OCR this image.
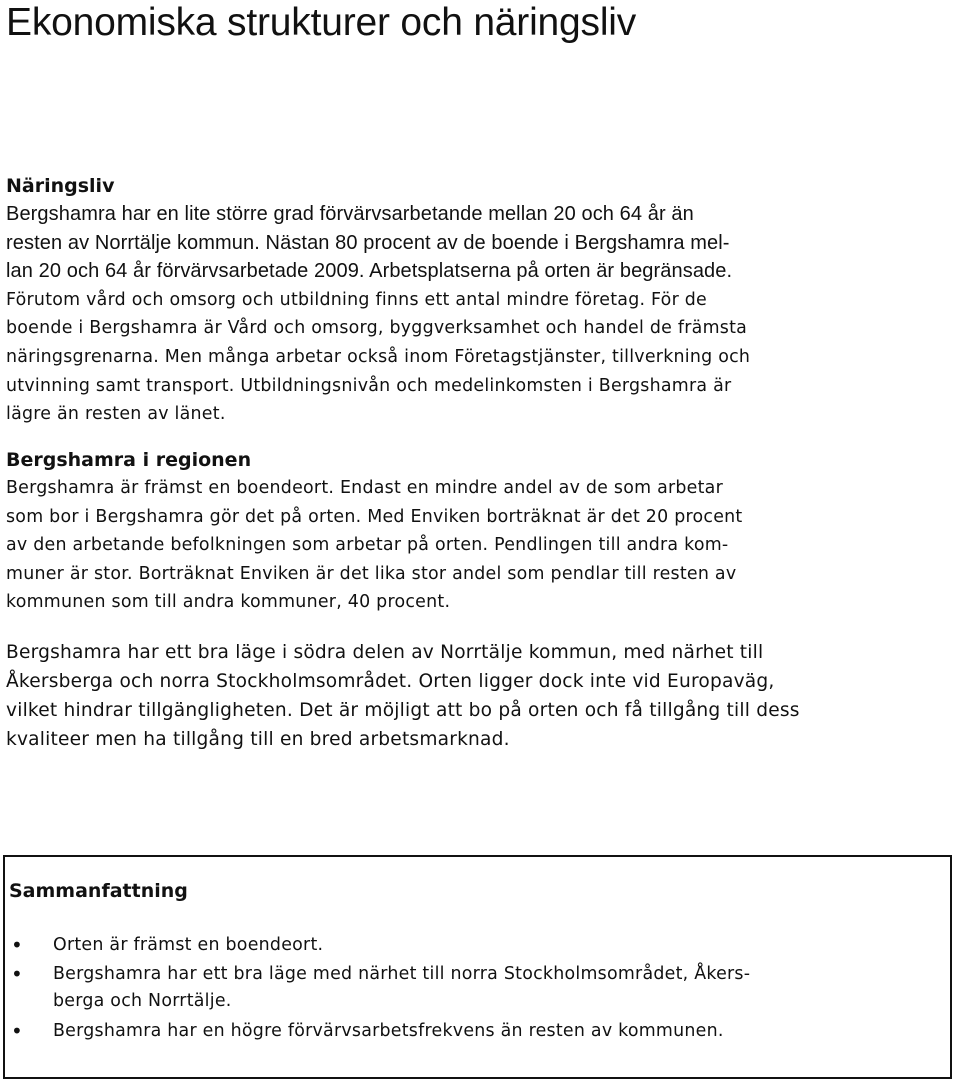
Ekonomiska strukturer och näringsliv
Näringsliv
Bergshamra har en lite större grad förvärvsarbetande mellan 20 och 64 år än
resten av Norrtälje kommun. Nästan 80 procent av de boende i Bergshamra mel-
lan 20 och 64 år förvärvsarbetade 2009. Arbetsplatserna på orten är begränsade.
Förutom vård och omsorg och utbildning finns ett antal mindre företag. För de
boende i Bergshamra är Vård och omsorg, byggverksamhet och handel de främsta
näringsgrenarna. Men många arbetar också inom Företagstjänster, tillverkning och
utvinning samt transport. Utbildningsnivån och medelinkomsten i Bergshamra är
lägre än resten av länet.
Bergshamra i regionen
Bergshamra är främst en boendeort. Endast en mindre andel av de som arbetar
som bor i Bergshamra gör det på orten. Med Enviken borträknat är det 20 procent
av den arbetande befolkningen som arbetar på orten. Pendlingen till andra kom-
muner är stor. Borträknat Enviken är det lika stor andel som pendlar till resten av
kommunen som till andra kommuner, 40 procent.
Bergshamra har ett bra läge i södra delen av Norrtälje kommun, med närhet till
Åkersberga och norra Stockholmsområdet. Orten ligger dock inte vid Europaväg,
vilket hindrar tillgängligheten. Det är möjligt att bo på orten och få tillgång till dess
kvaliteer men ha tillgång till en bred arbetsmarknad.
Sammanfattning
• Orten är främst en boendeort.
• Bergshamra har ett bra läge med närhet till norra Stockholmsområdet, Åkers-
berga och Norrtälje.
• Bergshamra har en högre förvärvsarbetsfrekvens än resten av kommunen.
